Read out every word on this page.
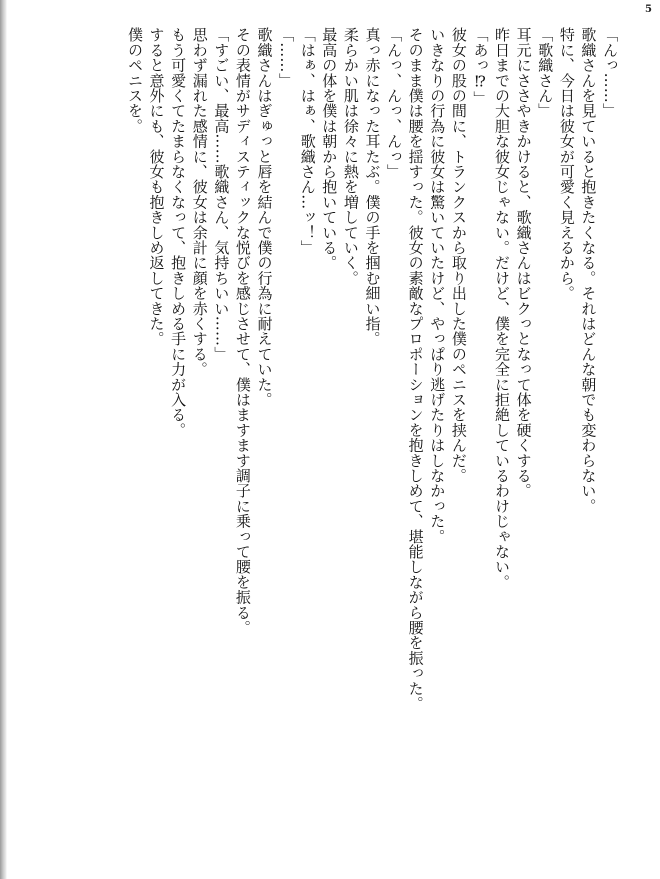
5
「んっ……」
歌織さんを見ていると抱きたくなる。それはどんな朝でも変わらない。
特に、今日は彼女が可愛く見えるから。
「歌織さん」
耳元にささやきかけると、歌織さんはビクっとなって体を硬くする。
昨日までの大胆な彼女じゃない。だけど、僕を完全に拒絶しているわけじゃない。
「あっ⁉」
彼女の股の間に、トランクスから取り出した僕のペニスを挟んだ。
いきなりの行為に彼女は驚いていたけど、やっぱり逃げたりはしなかった。
そのまま僕は腰を揺すった。彼女の素敵なプロポーションを抱きしめて、堪能しながら腰を振った。
「んっ、んっ、んっ」
真っ赤になった耳たぶ。僕の手を掴む細い指。
柔らかい肌は徐々に熱を増していく。
最高の体を僕は朝から抱いている。
「はぁ、はぁ、歌織さん…ッ！」
「……」
歌織さんはぎゅっと唇を結んで僕の行為に耐えていた。
その表情がサディスティックな悦びを感じさせて、僕はますます調子に乗って腰を振る。
「すごい、最高……歌織さん、気持ちいい……」
思わず漏れた感情に、彼女は余計に顔を赤くする。
もう可愛くてたまらなくなって、抱きしめる手に力が入る。
すると意外にも、彼女も抱きしめ返してきた。
僕のペニスを。
